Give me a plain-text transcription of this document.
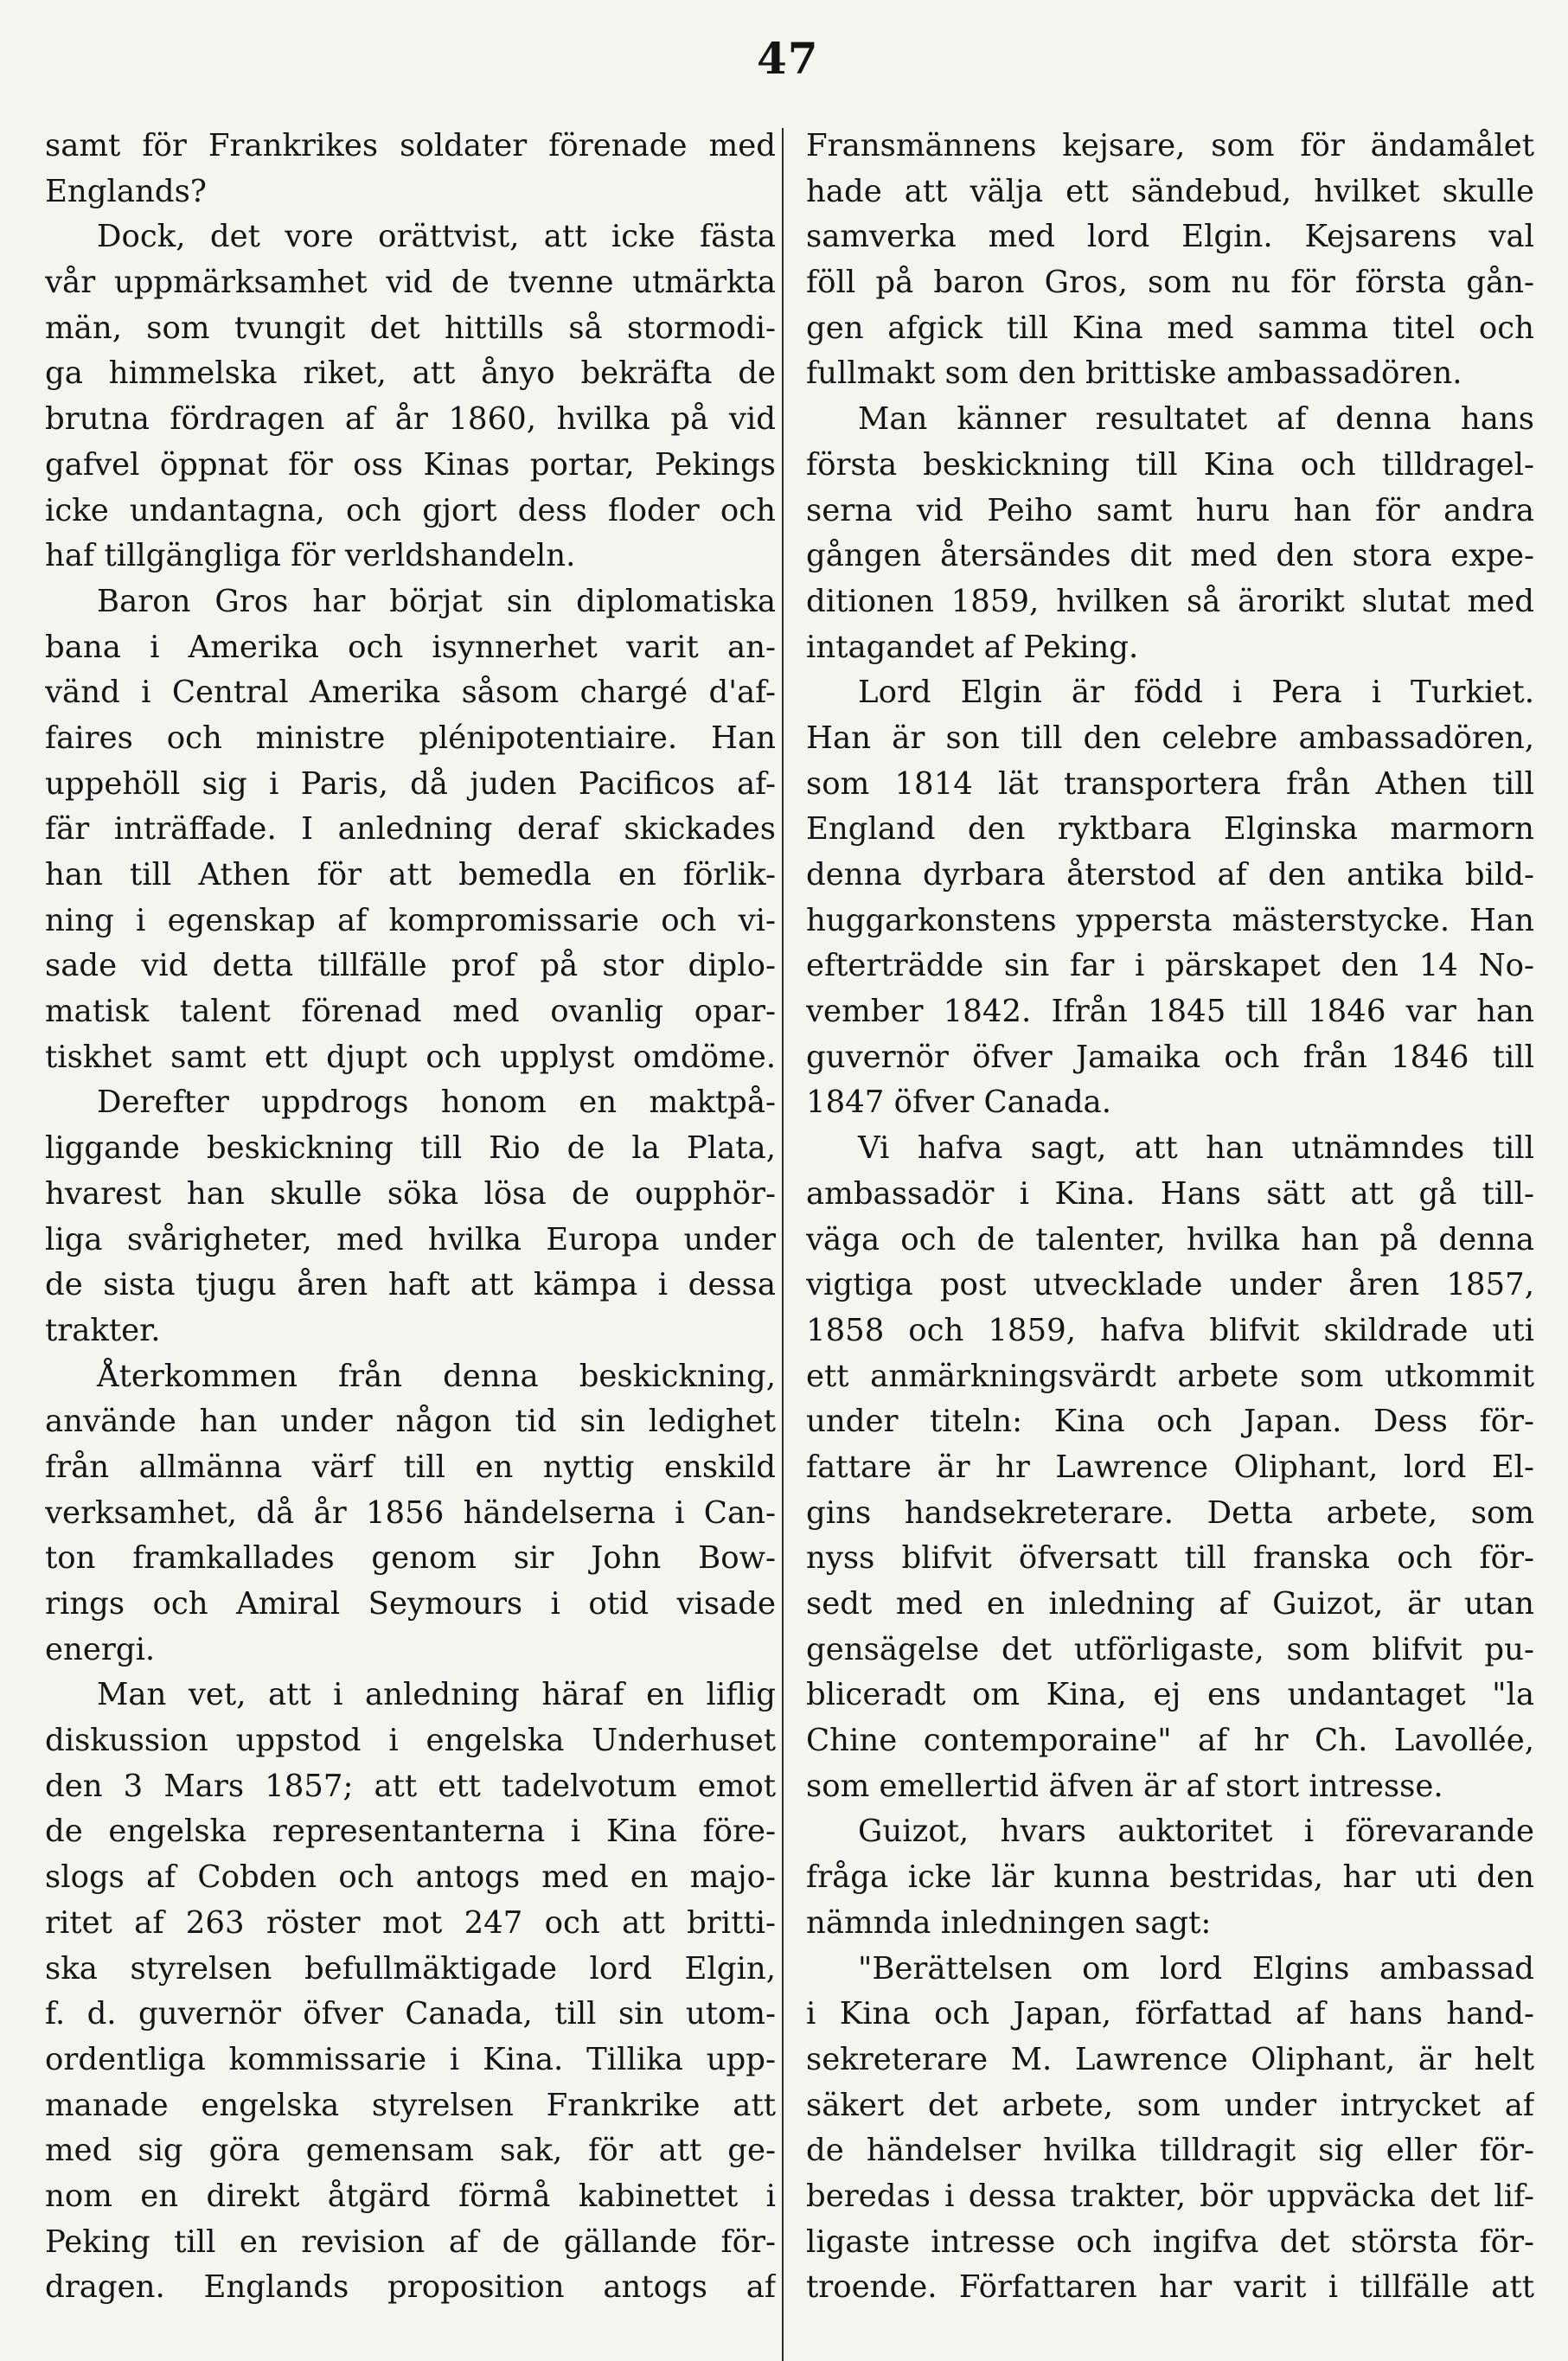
47
samt för Frankrikes soldater förenade med
Englands?
Dock, det vore orättvist, att icke fästa
vår uppmärksamhet vid de tvenne utmärkta
män, som tvungit det hittills så stormodi-
ga himmelska riket, att ånyo bekräfta de
brutna fördragen af år 1860, hvilka på vid
gafvel öppnat för oss Kinas portar, Pekings
icke undantagna, och gjort dess floder och
haf tillgängliga för verldshandeln.
Baron Gros har börjat sin diplomatiska
bana i Amerika och isynnerhet varit an-
vänd i Central Amerika såsom chargé d'af-
faires och ministre plénipotentiaire. Han
uppehöll sig i Paris, då juden Pacificos af-
fär inträffade. I anledning deraf skickades
han till Athen för att bemedla en förlik-
ning i egenskap af kompromissarie och vi-
sade vid detta tillfälle prof på stor diplo-
matisk talent förenad med ovanlig opar-
tiskhet samt ett djupt och upplyst omdöme.
Derefter uppdrogs honom en maktpå-
liggande beskickning till Rio de la Plata,
hvarest han skulle söka lösa de oupphör-
liga svårigheter, med hvilka Europa under
de sista tjugu åren haft att kämpa i dessa
trakter.
Återkommen från denna beskickning,
använde han under någon tid sin ledighet
från allmänna värf till en nyttig enskild
verksamhet, då år 1856 händelserna i Can-
ton framkallades genom sir John Bow-
rings och Amiral Seymours i otid visade
energi.
Man vet, att i anledning häraf en liflig
diskussion uppstod i engelska Underhuset
den 3 Mars 1857; att ett tadelvotum emot
de engelska representanterna i Kina före-
slogs af Cobden och antogs med en majo-
ritet af 263 röster mot 247 och att britti-
ska styrelsen befullmäktigade lord Elgin,
f. d. guvernör öfver Canada, till sin utom-
ordentliga kommissarie i Kina. Tillika upp-
manade engelska styrelsen Frankrike att
med sig göra gemensam sak, för att ge-
nom en direkt åtgärd förmå kabinettet i
Peking till en revision af de gällande för-
dragen. Englands proposition antogs af
Fransmännens kejsare, som för ändamålet
hade att välja ett sändebud, hvilket skulle
samverka med lord Elgin. Kejsarens val
föll på baron Gros, som nu för första gån-
gen afgick till Kina med samma titel och
fullmakt som den brittiske ambassadören.
Man känner resultatet af denna hans
första beskickning till Kina och tilldragel-
serna vid Peiho samt huru han för andra
gången återsändes dit med den stora expe-
ditionen 1859, hvilken så ärorikt slutat med
intagandet af Peking.
Lord Elgin är född i Pera i Turkiet.
Han är son till den celebre ambassadören,
som 1814 lät transportera från Athen till
England den ryktbara Elginska marmorn
denna dyrbara återstod af den antika bild-
huggarkonstens yppersta mästerstycke. Han
efterträdde sin far i pärskapet den 14 No-
vember 1842. Ifrån 1845 till 1846 var han
guvernör öfver Jamaika och från 1846 till
1847 öfver Canada.
Vi hafva sagt, att han utnämndes till
ambassadör i Kina. Hans sätt att gå till-
väga och de talenter, hvilka han på denna
vigtiga post utvecklade under åren 1857,
1858 och 1859, hafva blifvit skildrade uti
ett anmärkningsvärdt arbete som utkommit
under titeln: Kina och Japan. Dess för-
fattare är hr Lawrence Oliphant, lord El-
gins handsekreterare. Detta arbete, som
nyss blifvit öfversatt till franska och för-
sedt med en inledning af Guizot, är utan
gensägelse det utförligaste, som blifvit pu-
bliceradt om Kina, ej ens undantaget "la
Chine contemporaine" af hr Ch. Lavollée,
som emellertid äfven är af stort intresse.
Guizot, hvars auktoritet i förevarande
fråga icke lär kunna bestridas, har uti den
nämnda inledningen sagt:
"Berättelsen om lord Elgins ambassad
i Kina och Japan, författad af hans hand-
sekreterare M. Lawrence Oliphant, är helt
säkert det arbete, som under intrycket af
de händelser hvilka tilldragit sig eller för-
beredas i dessa trakter, bör uppväcka det lif-
ligaste intresse och ingifva det största för-
troende. Författaren har varit i tillfälle att
